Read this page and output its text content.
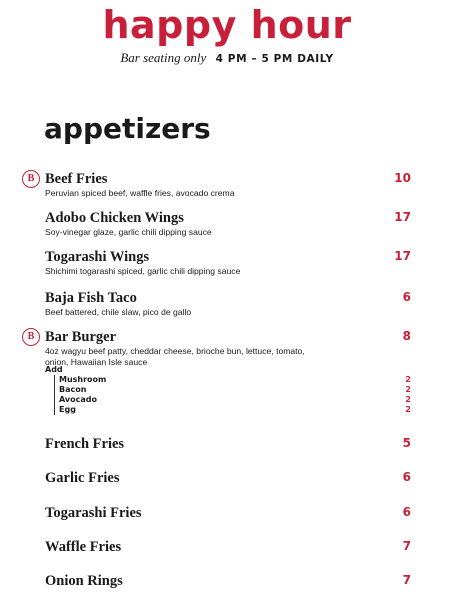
happy hour
Bar seating only 4 PM – 5 PM DAILY
appetizers
B Beef Fries
Peruvian spiced beef, waffle fries, avocado crema
10
Adobo Chicken Wings
Soy-vinegar glaze, garlic chili dipping sauce
17
Togarashi Wings
Shichimi togarashi spiced, garlic chili dipping sauce
17
Baja Fish Taco
Beef battered, chile slaw, pico de gallo
6
B Bar Burger
4oz wagyu beef patty, cheddar cheese, brioche bun, lettuce, tomato, onion, Hawaiian Isle sauce
8
Add
Mushroom	2
Bacon	2
Avocado	2
Egg	2
French Fries	5
Garlic Fries	6
Togarashi Fries	6
Waffle Fries	7
Onion Rings	7
